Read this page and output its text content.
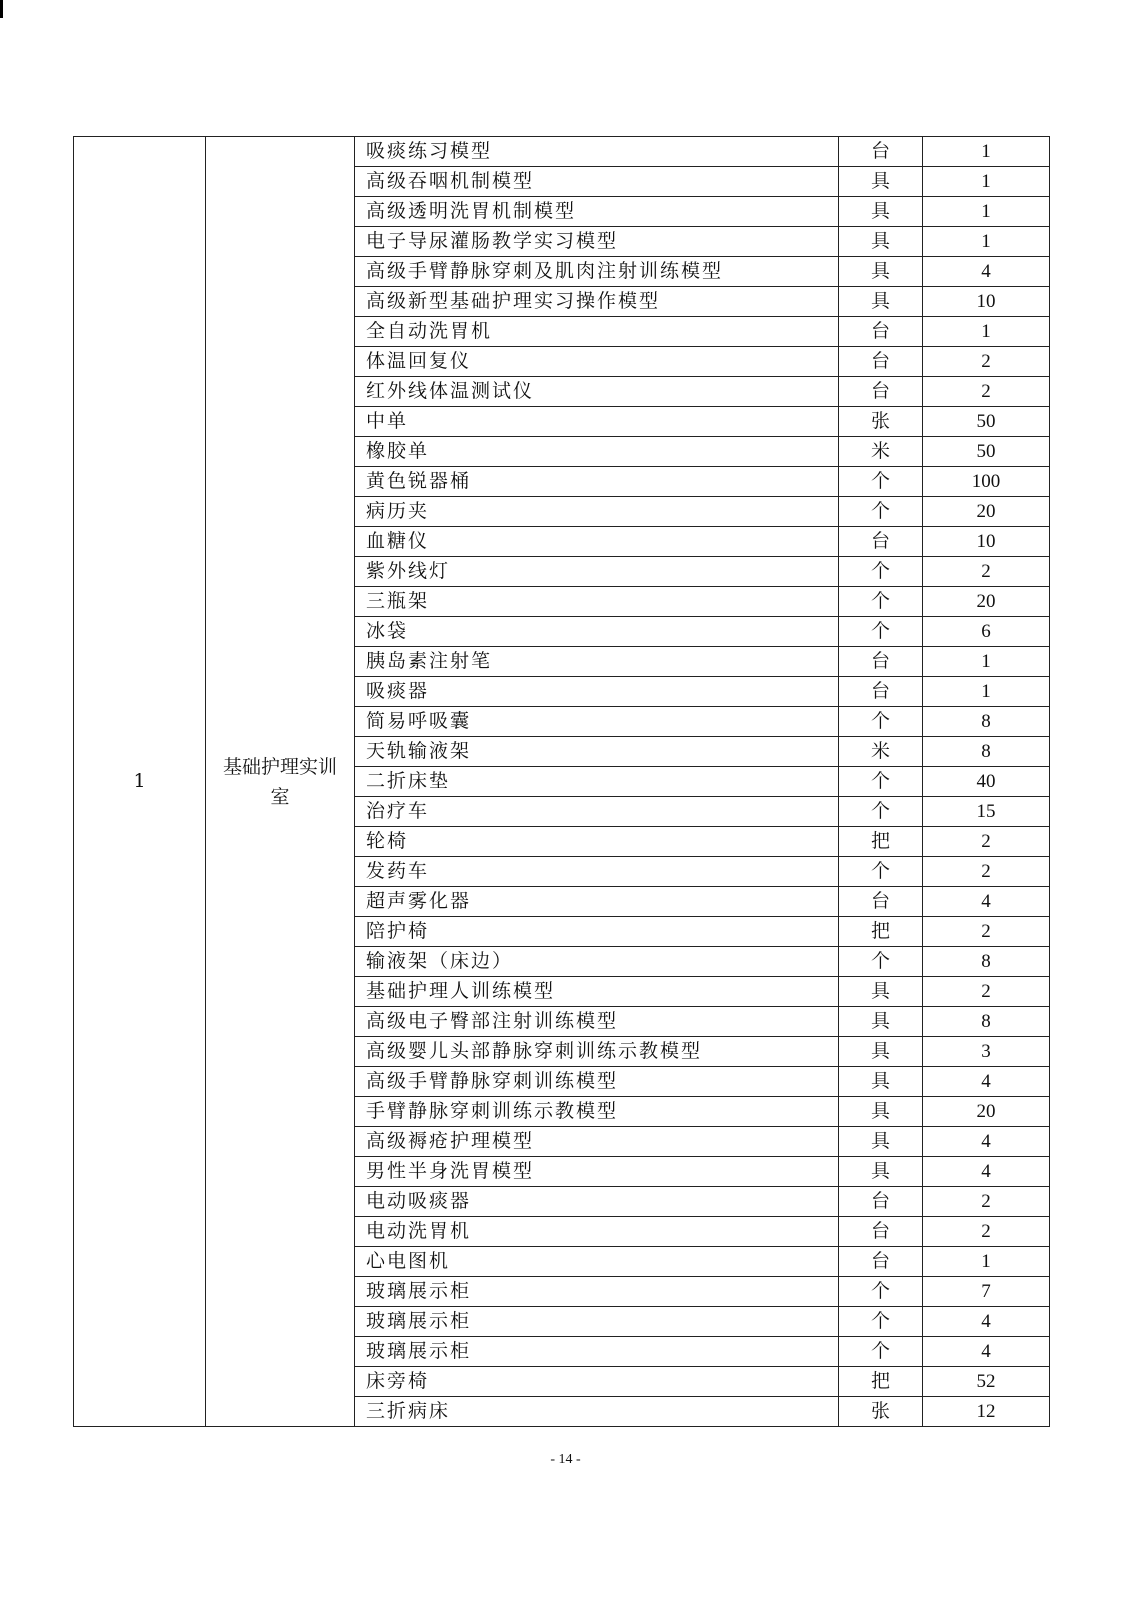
1	基础护理实训室	吸痰练习模型	台	1
		高级吞咽机制模型	具	1
		高级透明洗胃机制模型	具	1
		电子导尿灌肠教学实习模型	具	1
		高级手臂静脉穿刺及肌肉注射训练模型	具	4
		高级新型基础护理实习操作模型	具	10
		全自动洗胃机	台	1
		体温回复仪	台	2
		红外线体温测试仪	台	2
		中单	张	50
		橡胶单	米	50
		黄色锐器桶	个	100
		病历夹	个	20
		血糖仪	台	10
		紫外线灯	个	2
		三瓶架	个	20
		冰袋	个	6
		胰岛素注射笔	台	1
		吸痰器	台	1
		简易呼吸囊	个	8
		天轨输液架	米	8
		二折床垫	个	40
		治疗车	个	15
		轮椅	把	2
		发药车	个	2
		超声雾化器	台	4
		陪护椅	把	2
		输液架（床边）	个	8
		基础护理人训练模型	具	2
		高级电子臀部注射训练模型	具	8
		高级婴儿头部静脉穿刺训练示教模型	具	3
		高级手臂静脉穿刺训练模型	具	4
		手臂静脉穿刺训练示教模型	具	20
		高级褥疮护理模型	具	4
		男性半身洗胃模型	具	4
		电动吸痰器	台	2
		电动洗胃机	台	2
		心电图机	台	1
		玻璃展示柜	个	7
		玻璃展示柜	个	4
		玻璃展示柜	个	4
		床旁椅	把	52
		三折病床	张	12
- 14 -
